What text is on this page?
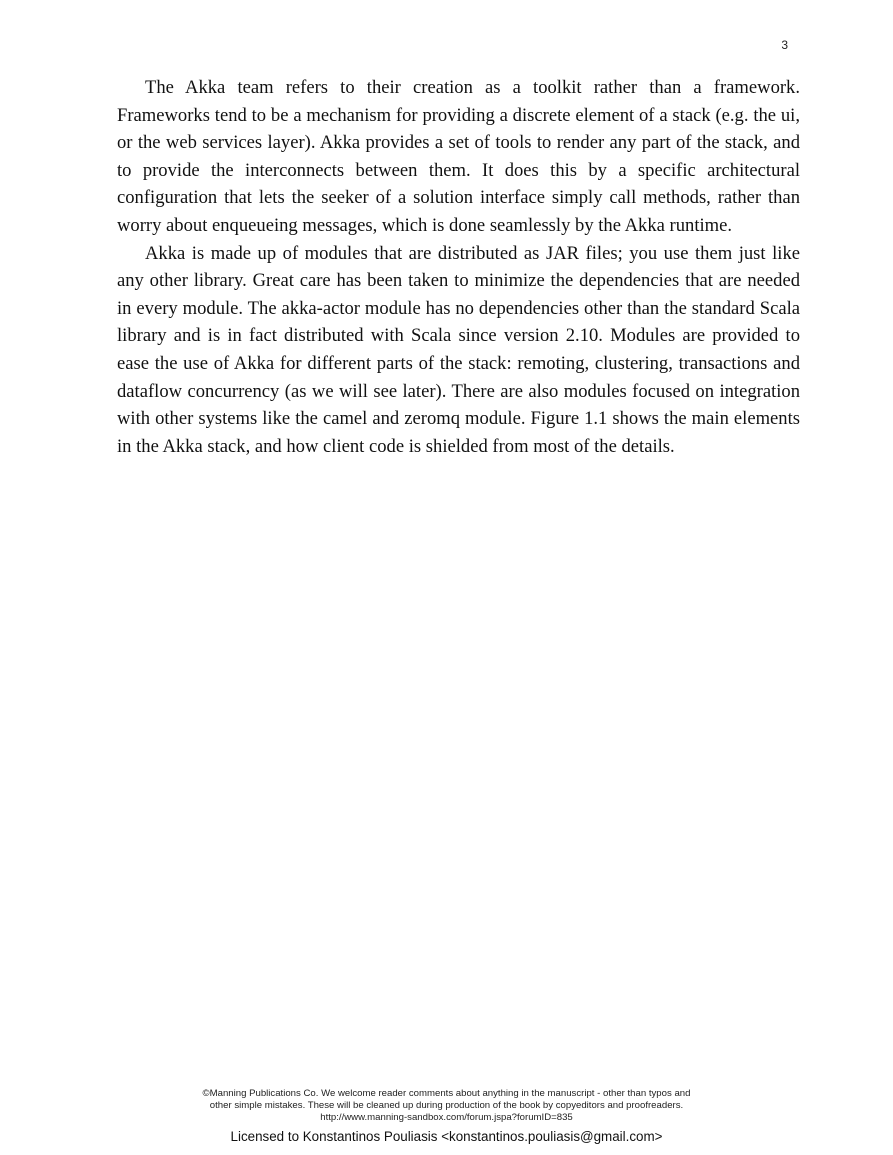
3

The Akka team refers to their creation as a toolkit rather than a framework. Frameworks tend to be a mechanism for providing a discrete element of a stack (e.g. the ui, or the web services layer). Akka provides a set of tools to render any part of the stack, and to provide the interconnects between them. It does this by a specific architectural configuration that lets the seeker of a solution interface simply call methods, rather than worry about enqueueing messages, which is done seamlessly by the Akka runtime.

Akka is made up of modules that are distributed as JAR files; you use them just like any other library. Great care has been taken to minimize the dependencies that are needed in every module. The akka-actor module has no dependencies other than the standard Scala library and is in fact distributed with Scala since version 2.10. Modules are provided to ease the use of Akka for different parts of the stack: remoting, clustering, transactions and dataflow concurrency (as we will see later). There are also modules focused on integration with other systems like the camel and zeromq module. Figure 1.1 shows the main elements in the Akka stack, and how client code is shielded from most of the details.

©Manning Publications Co. We welcome reader comments about anything in the manuscript - other than typos and
other simple mistakes. These will be cleaned up during production of the book by copyeditors and proofreaders.
http://www.manning-sandbox.com/forum.jspa?forumID=835
Licensed to Konstantinos Pouliasis <konstantinos.pouliasis@gmail.com>
